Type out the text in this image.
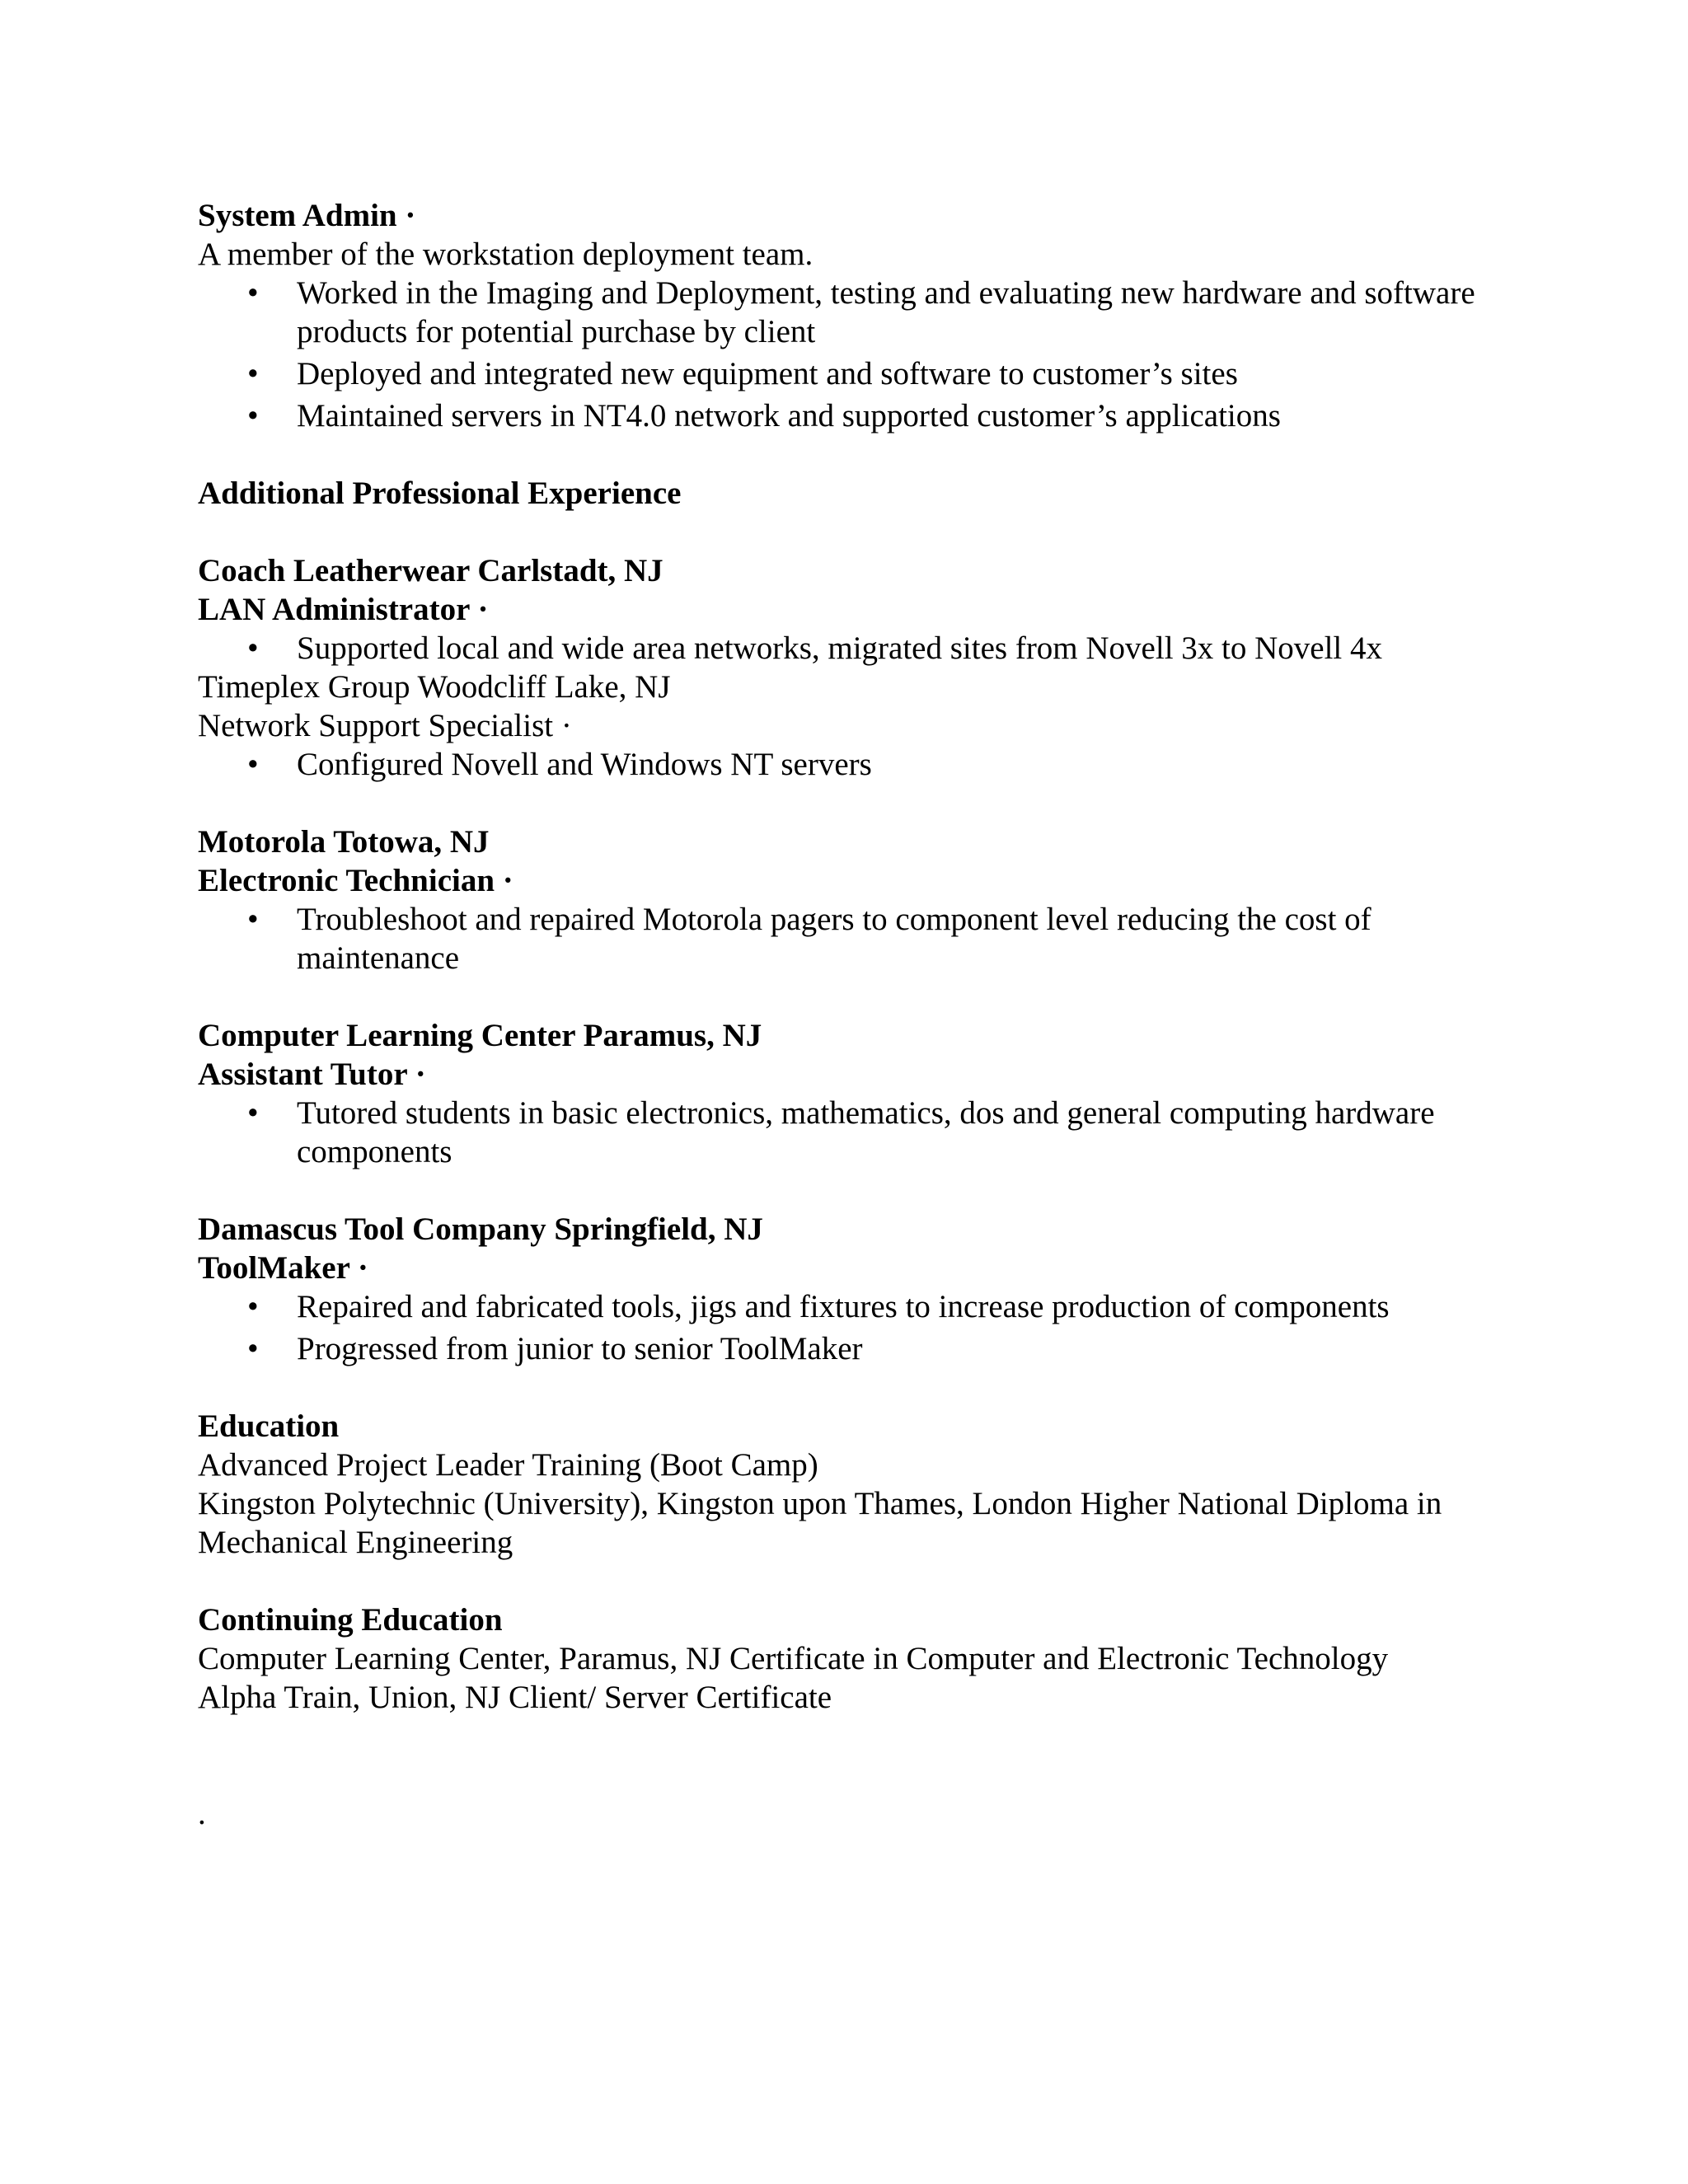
System Admin ·

A member of the workstation deployment team.

•	Worked in the Imaging and Deployment, testing and evaluating new hardware and software products for potential purchase by client
•	Deployed and integrated new equipment and software to customer’s sites
•	Maintained servers in NT4.0 network and supported customer’s applications

Additional Professional Experience

Coach Leatherwear Carlstadt, NJ

LAN Administrator ·

•	Supported local and wide area networks, migrated sites from Novell 3x to Novell 4x

Timeplex Group Woodcliff Lake, NJ

Network Support Specialist ·

•	Configured Novell and Windows NT servers

Motorola Totowa, NJ

Electronic Technician ·

•	Troubleshoot and repaired Motorola pagers to component level reducing the cost of maintenance

Computer Learning Center Paramus, NJ

Assistant Tutor ·

•	Tutored students in basic electronics, mathematics, dos and general computing hardware components

Damascus Tool Company Springfield, NJ

ToolMaker ·

•	Repaired and fabricated tools, jigs and fixtures to increase production of components
•	Progressed from junior to senior ToolMaker

Education

Advanced Project Leader Training (Boot Camp)

Kingston Polytechnic (University), Kingston upon Thames, London Higher National Diploma in Mechanical Engineering

Continuing Education

Computer Learning Center, Paramus, NJ Certificate in Computer and Electronic Technology

Alpha Train, Union, NJ Client/ Server Certificate

.
